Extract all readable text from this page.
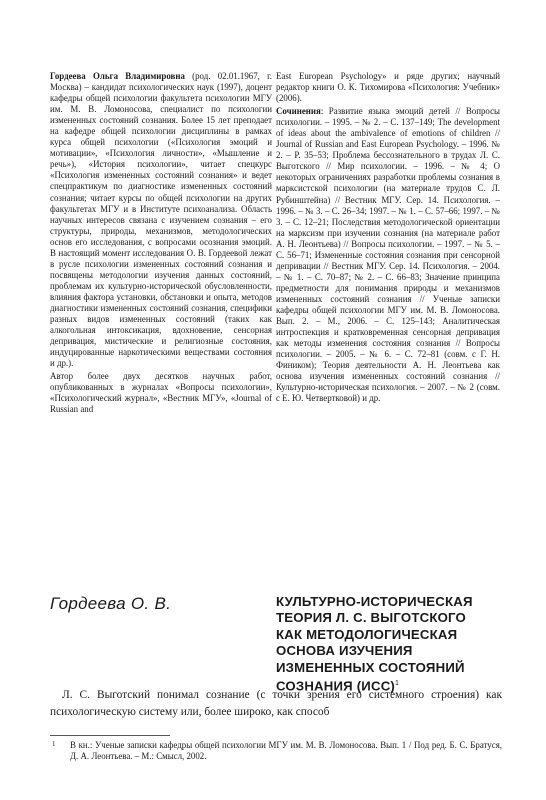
Гордеева Ольга Владимировна (род. 02.01.1967, г. Москва) – кандидат психологических наук (1997), доцент кафедры общей психологии факультета психологии МГУ им. М. В. Ломоносова, специалист по психологии измененных состояний сознания. Более 15 лет преподает на кафедре общей психологии дисциплины в рамках курса общей психологии («Психология эмоций и мотивации», «Психология личности», «Мышление и речь»), «История психологии», читает спецкурс «Психология измененных состояний сознания» и ведет спецпрактикум по диагностике измененных состояний сознания; читает курсы по общей психологии на других факультетах МГУ и в Институте психоанализа. Область научных интересов связана с изучением сознания – его структуры, природы, механизмов, методологических основ его исследования, с вопросами осознания эмоций. В настоящий момент исследования О. В. Гордеевой лежат в русле психологии измененных состояний сознания и посвящены методологии изучения данных состояний, проблемам их культурно-исторической обусловленности, влияния фактора установки, обстановки и опыта, методов диагностики измененных состояний сознания, специфики разных видов измененных состояний (таких как алкогольная интоксикация, вдохновение, сенсорная депривация, мистические и религиозные состояния, индуцированные наркотическими веществами состояния и др.).

Автор более двух десятков научных работ, опубликованных в журналах «Вопросы психологии», «Психологический журнал», «Вестник МГУ», «Journal of Russian and

East European Psychology» и ряде других; научный редактор книги О. К. Тихомирова «Психология: Учебник» (2006).

Сочинения: Развитие языка эмоций детей // Вопросы психологии. – 1995. – № 2. – С. 137–149; The development of ideas about the ambivalence of emotions of children // Journal of Russian and East European Psychology. – 1996. № 2. – P. 35–53; Проблема бессознательного в трудах Л. С. Выготского // Мир психологии. – 1996. – № 4; О некоторых ограничениях разработки проблемы сознания в марксистской психологии (на материале трудов С. Л. Рубинштейна) // Вестник МГУ. Сер. 14. Психология. – 1996. – № 3. – С. 26–34; 1997. – № 1. – С. 57–66; 1997. – № 3. – С. 12–21; Последствия методологической ориентации на марксизм при изучении сознания (на материале работ А. Н. Леонтьева) // Вопросы психологии. – 1997. – № 5. – С. 56–71; Измененные состояния сознания при сенсорной депривации // Вестник МГУ. Сер. 14. Психология. – 2004. – № 1. – С. 70–87; № 2. – С. 66–83; Значение принципа предметности для понимания природы и механизмов измененных состояний сознания // Ученые записки кафедры общей психологии МГУ им. М. В. Ломоносова. Вып. 2. – М., 2006. – С. 125–143; Аналитическая интроспекция и кратковременная сенсорная депривация как методы изменения состояния сознания // Вопросы психологии. – 2005. – № 6. – С. 72–81 (совм. с Г. Н. Фиником); Теория деятельности А. Н. Леонтьева как основа изучения измененных состояний сознания // Культурно-историческая психология. – 2007. – № 2 (совм. с Е. Ю. Четвертковой) и др.

Гордеева О. В.	КУЛЬТУРНО-ИСТОРИЧЕСКАЯ
ТЕОРИЯ Л. С. ВЫГОТСКОГО
КАК МЕТОДОЛОГИЧЕСКАЯ
ОСНОВА ИЗУЧЕНИЯ
ИЗМЕНЕННЫХ СОСТОЯНИЙ
СОЗНАНИЯ (ИСС)$^1$
Л. С. Выготский понимал сознание (с точки зрения его системного строения) как психологическую систему или, более широко, как способ
1 В кн.: Ученые записки кафедры общей психологии МГУ им. М. В. Ломоносова. Вып. 1 / Под ред. Б. С. Братуся, Д. А. Леонтьева. – М.: Смысл, 2002.
